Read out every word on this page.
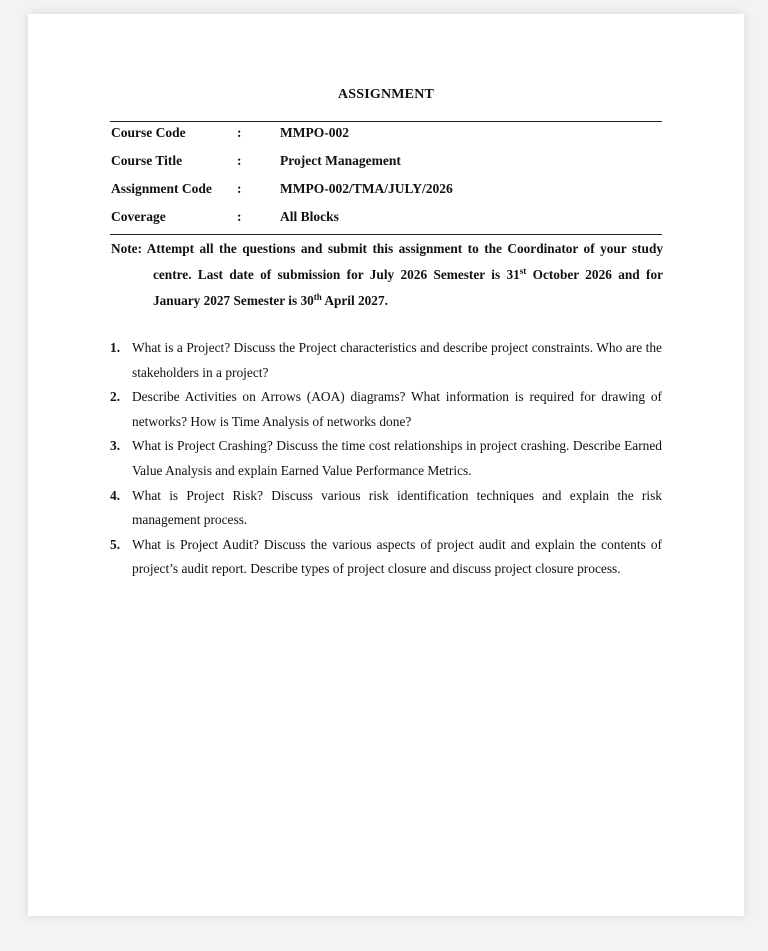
ASSIGNMENT
Course Code	:	MMPO-002
Course Title	:	Project Management
Assignment Code :	MMPO-002/TMA/JULY/2026
Coverage	:	All Blocks
Note: Attempt all the questions and submit this assignment to the Coordinator of your study
centre. Last date of submission for July 2026 Semester is 31st October 2026 and for
January 2027 Semester is 30th April 2027.
1. What is a Project? Discuss the Project characteristics and describe project constraints. Who are the stakeholders in a project?
2. Describe Activities on Arrows (AOA) diagrams? What information is required for drawing of networks? How is Time Analysis of networks done?
3. What is Project Crashing? Discuss the time cost relationships in project crashing. Describe Earned Value Analysis and explain Earned Value Performance Metrics.
4. What is Project Risk? Discuss various risk identification techniques and explain the risk management process.
5. What is Project Audit? Discuss the various aspects of project audit and explain the contents of project’s audit report. Describe types of project closure and discuss project closure process.
